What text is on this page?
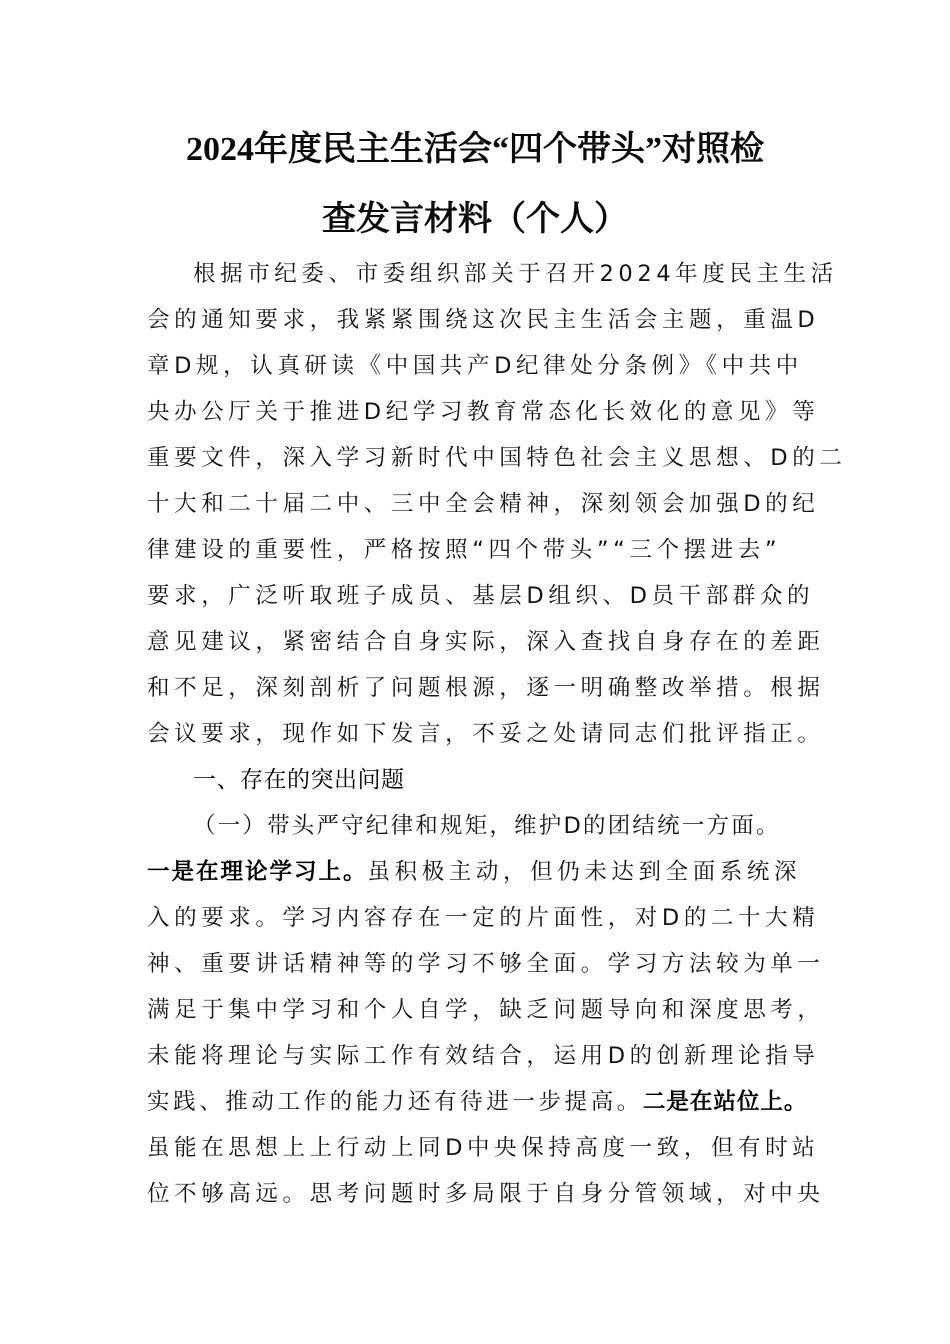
2024年度民主生活会“四个带头”对照检
查发言材料（个人）
根据市纪委、市委组织部关于召开2024年度民主生活
会的通知要求，我紧紧围绕这次民主生活会主题，重温D
章D规，认真研读《中国共产D纪律处分条例》《中共中
央办公厅关于推进D纪学习教育常态化长效化的意见》等
重要文件，深入学习新时代中国特色社会主义思想、D的二
十大和二十届二中、三中全会精神，深刻领会加强D的纪
律建设的重要性，严格按照“四个带头”“三个摆进去”
要求，广泛听取班子成员、基层D组织、D员干部群众的
意见建议，紧密结合自身实际，深入查找自身存在的差距
和不足，深刻剖析了问题根源，逐一明确整改举措。根据
会议要求，现作如下发言，不妥之处请同志们批评指正。
一、存在的突出问题
（一）带头严守纪律和规矩，维护D的团结统一方面。
一是在理论学习上。虽积极主动，但仍未达到全面系统深
入的要求。学习内容存在一定的片面性，对D的二十大精
神、重要讲话精神等的学习不够全面。学习方法较为单一
满足于集中学习和个人自学，缺乏问题导向和深度思考，
未能将理论与实际工作有效结合，运用D的创新理论指导
实践、推动工作的能力还有待进一步提高。二是在站位上。
虽能在思想上上行动上同D中央保持高度一致，但有时站
位不够高远。思考问题时多局限于自身分管领域，对中央
